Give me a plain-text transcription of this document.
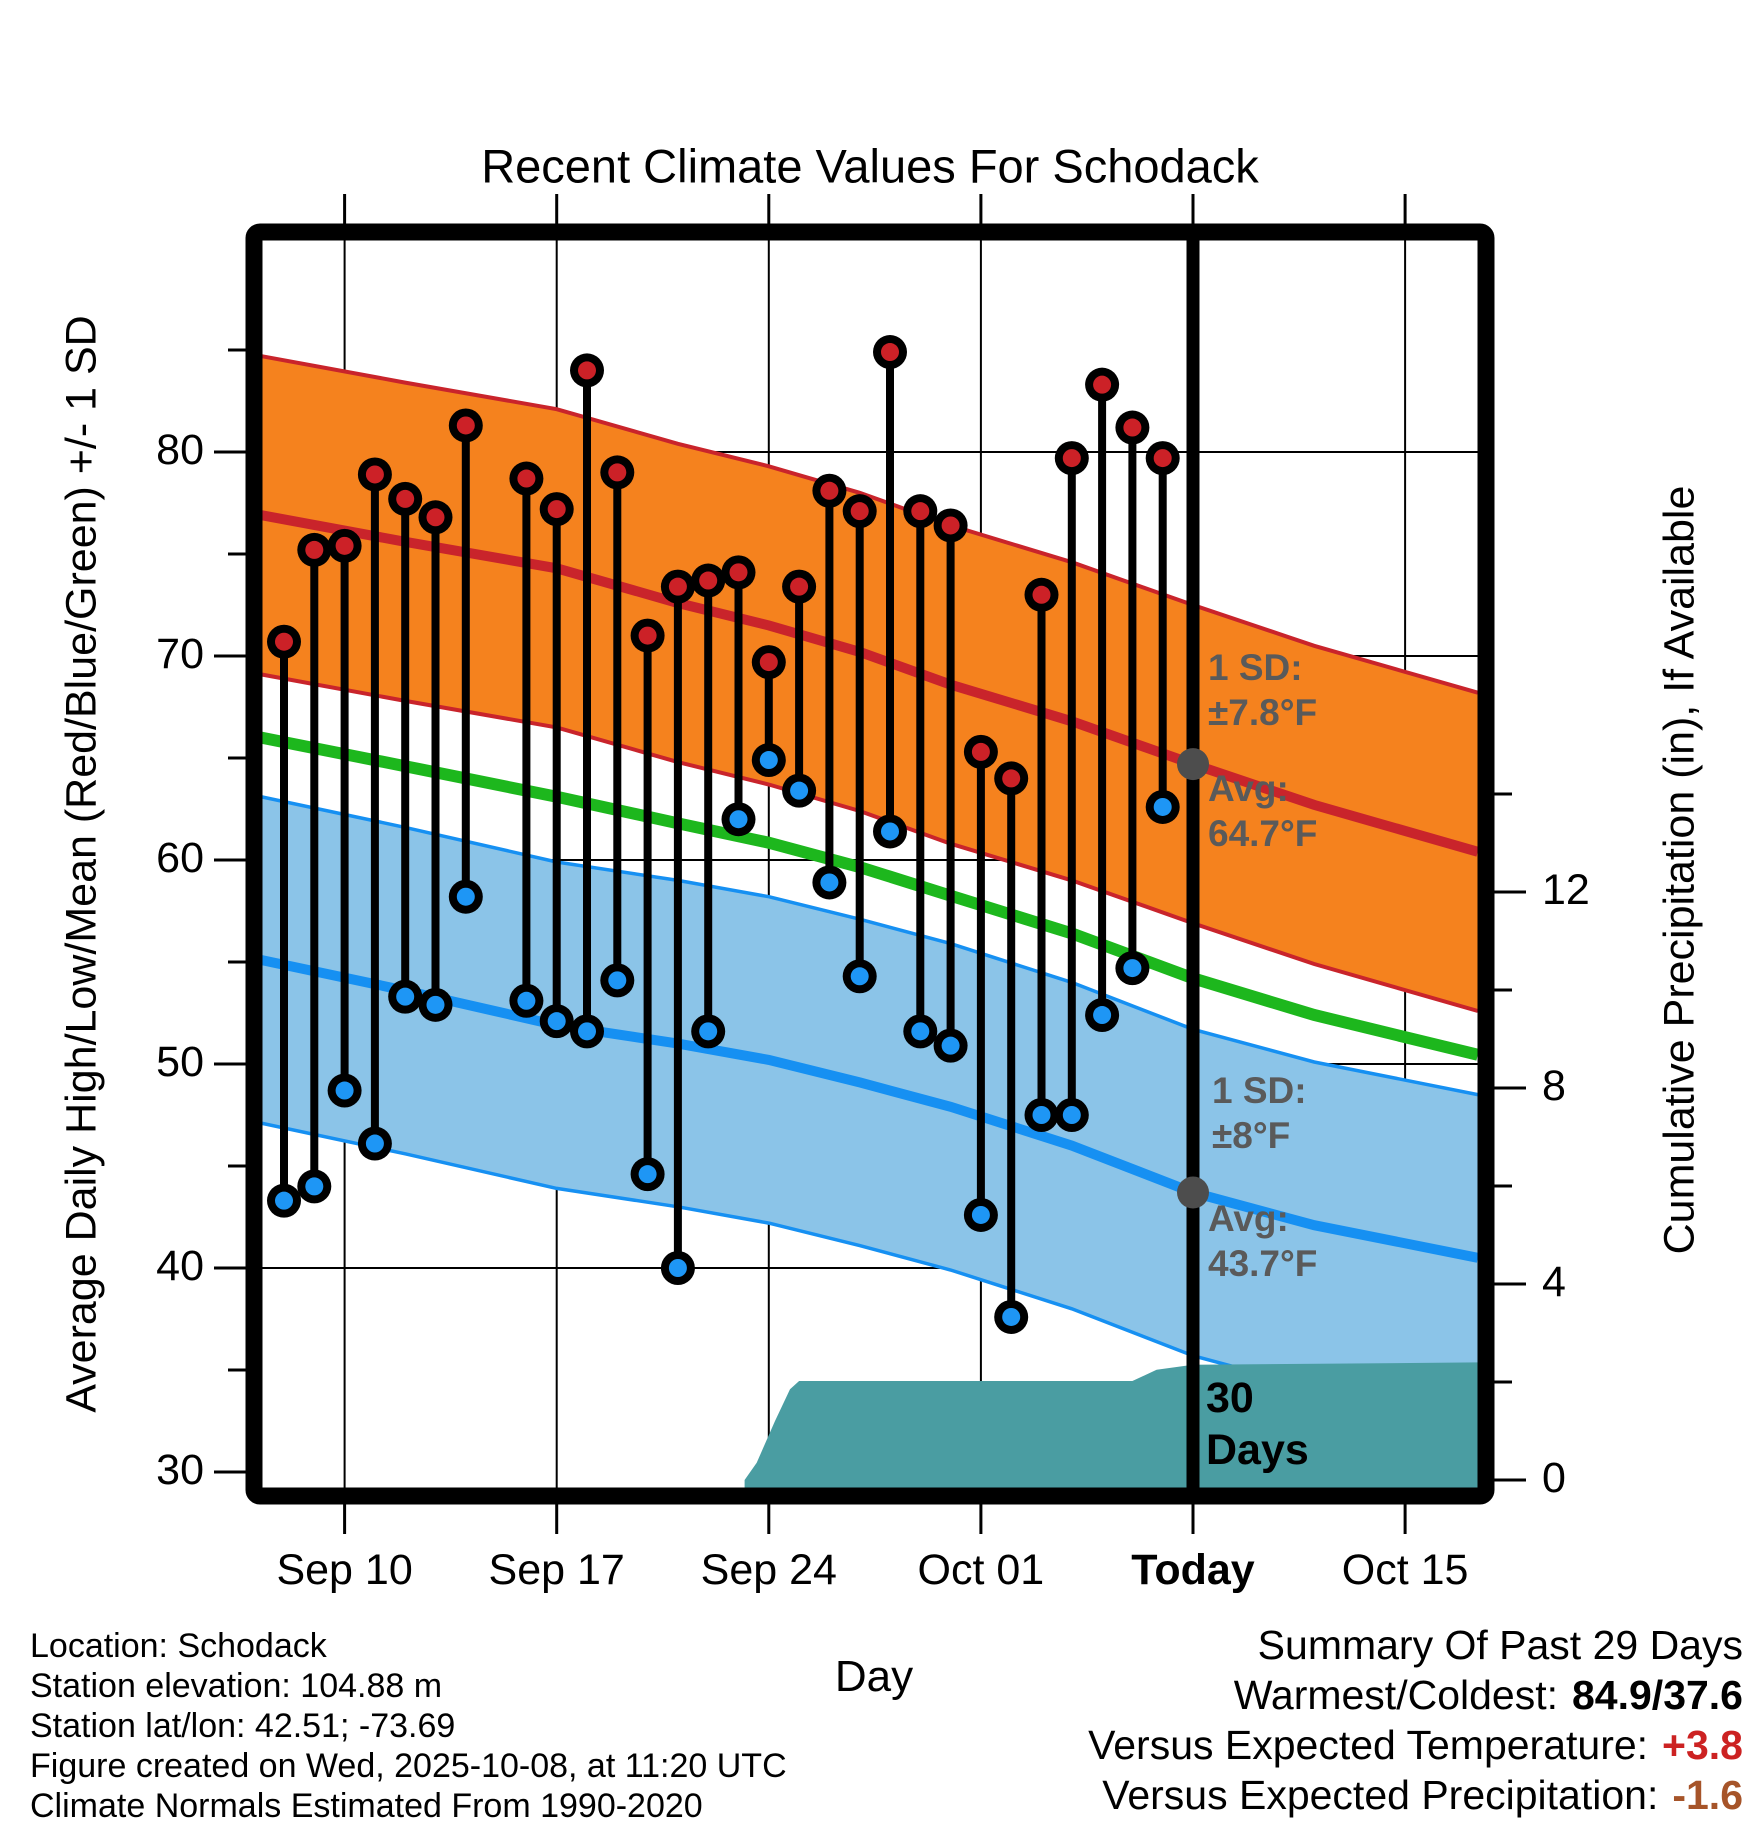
Recent Climate Values For Schodack
Average Daily High/Low/Mean (Red/Blue/Green) +/- 1 SD	Cumulative Precipitation (in), If Available
Day
80
70
60
50
40
30
12
8
4
0
Sep 10 Sep 17 Sep 24 Oct 01 Today Oct 15
1 SD:
±7.8°F
Avg:
64.7°F
1 SD:
±8°F
Avg:
43.7°F
30
Days
Location: Schodack
Station elevation: 104.88 m
Station lat/lon: 42.51; -73.69
Figure created on Wed, 2025-10-08, at 11:20 UTC
Climate Normals Estimated From 1990-2020
Summary Of Past 29 Days
Warmest/Coldest: 84.9/37.6
Versus Expected Temperature: +3.8
Versus Expected Precipitation: -1.6
